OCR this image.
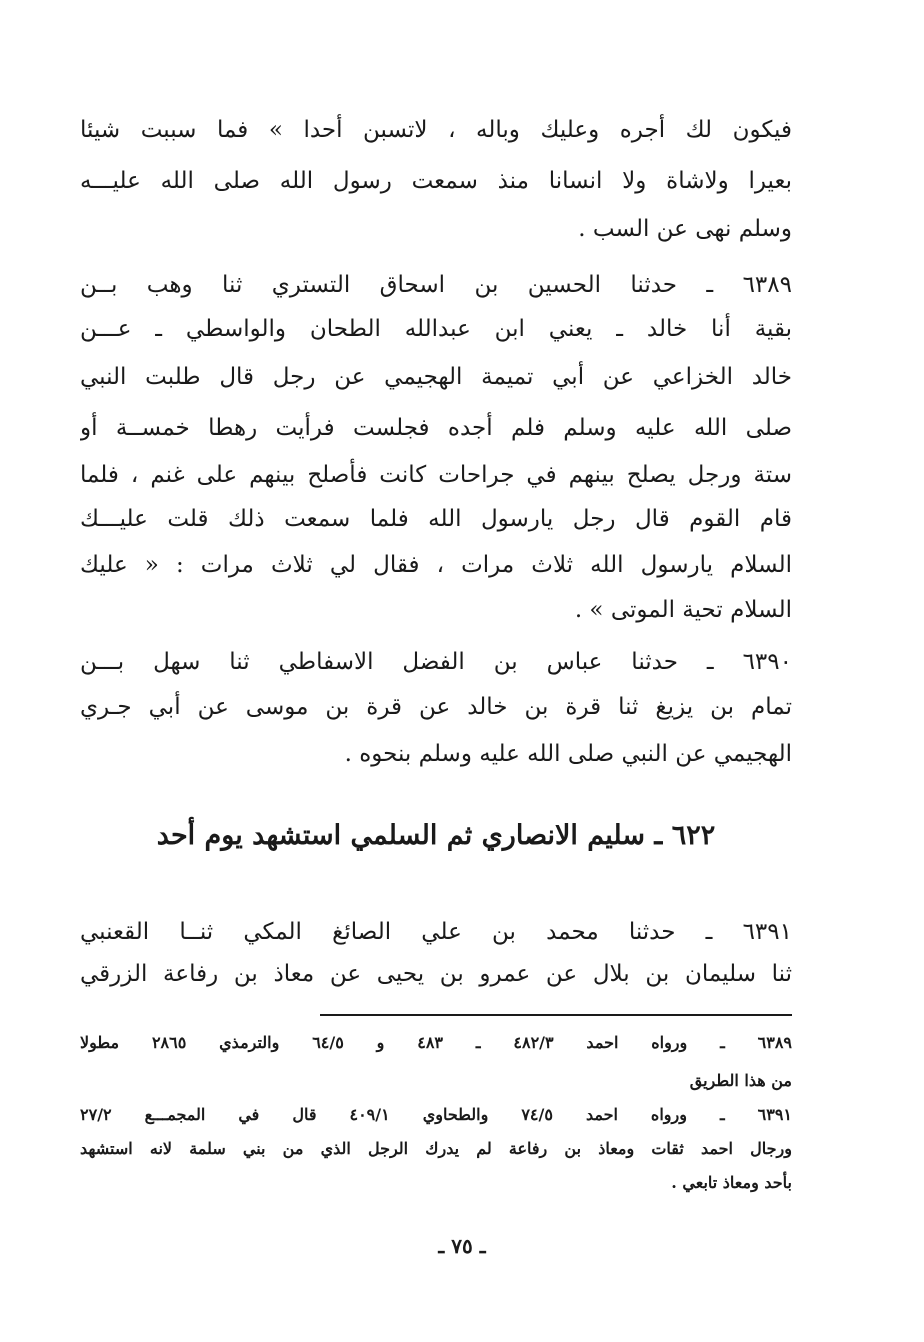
فيكون لك أجره وعليك وباله ، لاتسبن أحدا » فما سببت شيئا
بعيرا ولاشاة ولا انسانا منذ سمعت رسول الله صلى الله عليـــه
وسلم نهى عن السب .
٦٣٨٩ ـ حدثنا الحسين بن اسحاق التستري ثنا وهب بــن
بقية أنا خالد ـ يعني ابن عبدالله الطحان والواسطي ـ عـــن
خالد الخزاعي عن أبي تميمة الهجيمي عن رجل قال طلبت النبي
صلى الله عليه وسلم فلم أجده فجلست فرأيت رهطا خمســة أو
ستة ورجل يصلح بينهم في جراحات كانت فأصلح بينهم على غنم ، فلما
قام القوم قال رجل يارسول الله فلما سمعت ذلك قلت عليـــك
السلام يارسول الله ثلاث مرات ، فقال لي ثلاث مرات : « عليك
السلام تحية الموتى » .
٦٣٩٠ ـ حدثنا عباس بن الفضل الاسفاطي ثنا سهل بـــن
تمام بن يزيغ ثنا قرة بن خالد عن قرة بن موسى عن أبي جـري
الهجيمي عن النبي صلى الله عليه وسلم بنحوه .
٦٢٢ ـ سليم الانصاري ثم السلمي استشهد يوم أحد
٦٣٩١ ـ حدثنا محمد بن علي الصائغ المكي ثنــا القعنبي
ثنا سليمان بن بلال عن عمرو بن يحيى عن معاذ بن رفاعة الزرقي
٦٣٨٩ ـ ورواه احمد ٤٨٢/٣ ـ ٤٨٣ و ٦٤/٥ والترمذي ٢٨٦٥ مطولا
من هذا الطريق
٦٣٩١ ـ ورواه احمد ٧٤/٥ والطحاوي ٤٠٩/١ قال في المجمـــع ٢٧/٢
ورجال احمد ثقات ومعاذ بن رفاعة لم يدرك الرجل الذي من بني سلمة لانه استشهد
بأحد ومعاذ تابعي .
ـ ٧٥ ـ
